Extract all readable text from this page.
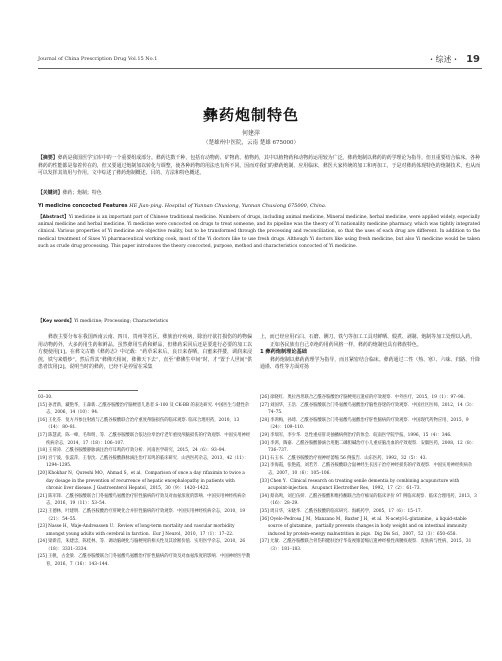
Journal of China Prescription Drug Vol.15 No.1	・综述・ 19
彝药炮制特色
何建萍
（楚雄州中医院，云南 楚雄 675000）
【摘要】彝药是我国医学宝库中的一个重要组成部分。彝药达数千种，包括有动物药、矿物药、植物药，其中以植物药和动物药运用较为广泛。彝药炮制以彝药的药学理论为指导，但且重要结合临床。各种彝药的性能都是靠着传在的，但又要通过炮制加以转化与调整，使各种药物的用法也有所不同。因而对我们的彝药炮制、应用临床，彝医大家传统的加工和再加工，于是对彝药体现特色的炮制技术，也从而可以发挥其效用与作用。文中综述了彝药炮制概述、目的、方法和特色概述。
【关键词】彝药；炮制；特色
Yi medicine concocted Features HE Jian-ping. Hospital of Yunnan Chuxiong, Yunnan Chuxiong 675000, China.
【Abstract】Yi medicine is an important part of Chinese traditional medicine. Numbers of drugs, including animal medicine, Mineral medicine, herbal medicine, were applied widely, especially animal medicine and herbal medicine. Yi medicine were concocted on drugs to treat someone, and its pipeline was the theory of Yi nationality medicine pharmacy, which was tightly integrated clinical. Various properties of Yi medicine are objective reality, but to be transformed through the processing and reconciliation, so that the uses of each drug are different. In addition to the medical treatment of Sixes Yi pharmaceutical working cook, most of the Yi doctors like to use fresh drugs. Although Yi doctors like using fresh medicine, but also Yi medicine would be taken such as crude drug processing. This paper introduces the theory concocted, purpose, method and characteristics concocted of Yi medicine.
【Key words】Yi medicine; Processing; Characteristics

彝族主要分布在我国西南云南、四川、贵州等省区。彝族治疗疾病，除治疗欲打损伤的药物偏用动物药外，大多药用生药和鲜品。虽然彝用生药和鲜品，但彝药采回后还是要进行必要的加工以方便使用[1]。在彝文古籍《彝药志》中记载：“药草采来后，良日来春晒，白蜜来拌搂，调润来浸煎，铁勺来煨炒”。然后背其“彝佛天相间，彝佛天下去”，直至“彝佛生中间”时，才“置于人世间”供患者饮用[2]。说明当时的彝药，已经不是停留在采集

上，而已经应用石臼、石磨、铡刀、铁勺等加工工具对鲜晒、煅煮、剥制、炮制等加工处理以入药。

正如各民族有自己卓绝的用药风格一样，彝药的炮制也具有彝族特色。

1 彝药炮制理论基础

彝药炮制以彝药药理学为指导，而且紧密结合临床。彝药通过二性（热、寒）、六味、归路、升降通谨、毒性等方面对扬

03–30.

[15] 孙晋新，藏艳华，王森新. 乙酰谷胺酸治疗脑梗患儿患者 S-100 及 CK-BB 的表达研究. 中国医生与健性杂志，2006，14（10）：94.

[16] 王化芬．复方丹参注射液与乙酰谷胺酸联合治疗重度颅脑损伤的临床观察. 临床合理用药，2010，13（14）：80–81.

[17] 陈慧武，陈一峰，毛和明，等．乙酰谷胺酸联合依达拉奉治疗老年重度颅脑损伤的疗效观察．中国实用神经疾病杂志，2014，17（18）：106–107.

[18] 王荷涛．乙酰谷胺酸静脉滴注治疗耳鸣的疗效分析．河南医学研究，2015，24（6）：93–94.

[19] 宫宁波，张蕊萍，王春沈．乙酰谷胺酸静脉滴注治疗耳鸣的临床研究．山西医药杂志，2013，42（11）：1294–1295.

[20] Khokhar N，Qureshi MO，Ahmad S，et al．Comparison of once a day rifaximin to twice a day dosage in the prevention of recurrence of hepatic encephalopathy in patients with chronic liver disease. J Gastroenterol Hepatol，2015，30（9）：1420–1422.

[21] 陈军锋．乙酰谷胺酸联合门冬氨酸鸟氨酸治疗肝性脑病的疗效及对血氨浓度的影响．中国实用神经疾病杂志，2016，19（11）：53–54.

[22] 王德林，叶建明．乙酰谷胺酸治疗肝硬化合并肝性脑病的疗效观察．中国实用神经疾病杂志，2010，19（21）：54–55.

[23] Nasse H，Waje-Andreassen U．Review of long-term mortality and vascular morbidity amongst young adults with cerebral in farction．Eur J Neurol，2010，17（1）：17–22.

[24] 梁新首，朱建忠，陈桂林，等．调动脑硬化与脑梗死的相关性及其诊断价值．实用医学杂志，2010，26（18）：3331–3334.

[25] 王帆，古金梁．乙酰谷胺酸联合门冬氨酸鸟氨酸治疗肝性脑病的疗效及对血氨浓度的影响．中国神经医学教育，2016，7（16）：143–144.

[26] 徐晓红．奥拉西坦联合乙酰谷胺酸治疗脑梗死后遗症的疗效观察．中外医疗，2015，19（1）：97–98.

[27] 刘国华，王浩．乙酰谷胺酸联合门冬氨酸鸟氨酸治疗脑性昏迷的疗效观察．中国社区医师，2012，14（3）：74–75.

[28] 李鸿梅，孙琦．乙酰谷胺酸联合门冬氨酸鸟氨酸治疗肝性脑病的疗效观察．中国现代药物应用，2015，9（24）：109–110.

[29] 李瑞军，李少华．急性重症肝炎抽搐病例治疗的体会．皖南医学院学报，1996，15（4）：346.

[30] 李鸿，陶嘉．乙酰谷胺酸静滴合用胞二磷胆碱治疗小儿重症脑出血的疗效观察．安徽医药，2008，12（8）：736–737.

[31] 石玉书．乙酰谷胺酸治疗视神经萎缩 56 例报告．山东医药，1992，32（5）：43.

[32] 李海霞，张艳霞，刘若芳．乙酰谷胺酸联合鼠神经生长因子治疗神经损伤的疗效观察．中国实用神经疾病杂志，2007，10（6）：105–106.

[33] Chen Y．Clinical research on treating senile dementia by combining acupuncture with acupoint-injection．Acupunct Electrother Res，1992，17（2）：61–73.

[34] 蔡高鸣，刘巴伍妍．乙酰谷胺酸和维持酮联合治疗痴呆的临床评价 97 例临床观察．临床合理用药，2013，3（16）：28–29.

[35] 周日华，宋晓华．乙酰谷胺酸的临床研究．海峡药学，2005，17（6）：15–17.

[36] Oyelo-Pedrosa J M，Manzano M，Baxter J H，et al．N-acetyl-L-glutamine，a liquid-stable source of glutamine，partially prevents changes in body weight and on intestinal immunity induced by protein-energy malnutrition in pigs．Dig Dis Sci，2007，52（3）：650–658.

[37] 尤敏．乙酰谷胺酸联合骨伤科健肤治疗华发视锥萎缩后遗神经根性颈腰疫观察．皮肤病与性病，2015，31（3）：181–183.
